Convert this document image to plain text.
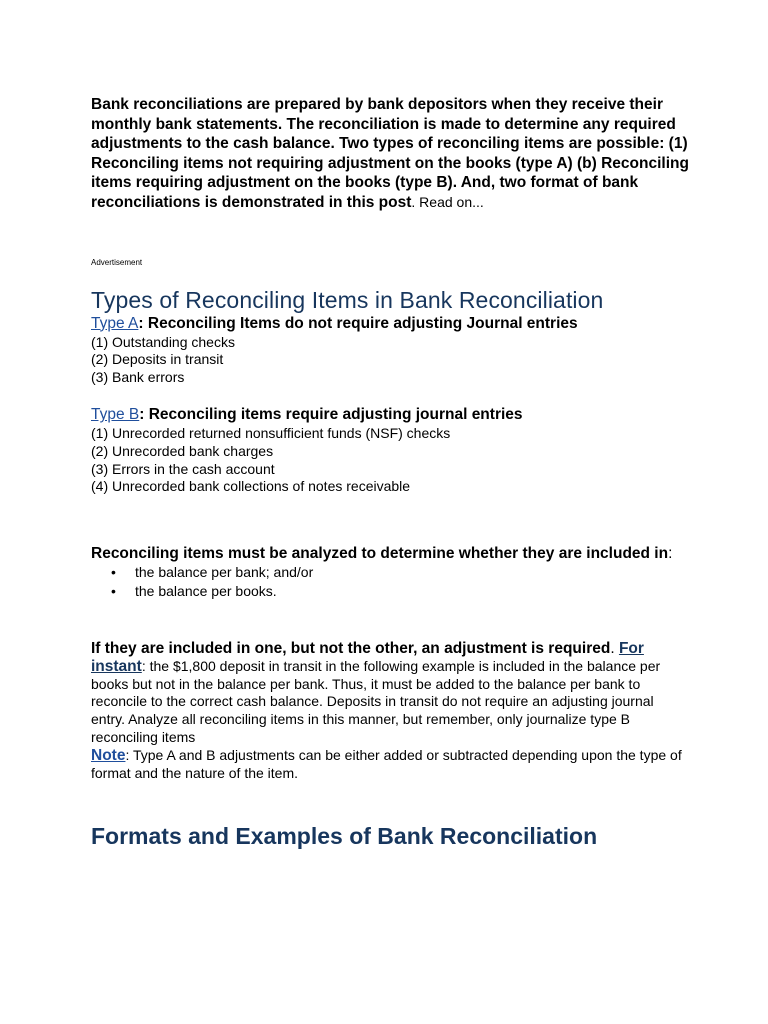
Bank reconciliations are prepared by bank depositors when they receive their monthly bank statements. The reconciliation is made to determine any required adjustments to the cash balance. Two types of reconciling items are possible: (1) Reconciling items not requiring adjustment on the books (type A) (b) Reconciling items requiring adjustment on the books (type B). And, two format of bank reconciliations is demonstrated in this post. Read on...

Advertisement

Types of Reconciling Items in Bank Reconciliation

Type A: Reconciling Items do not require adjusting Journal entries

(1) Outstanding checks
(2) Deposits in transit
(3) Bank errors

Type B: Reconciling items require adjusting journal entries

(1) Unrecorded returned nonsufficient funds (NSF) checks
(2) Unrecorded bank charges
(3) Errors in the cash account
(4) Unrecorded bank collections of notes receivable

Reconciling items must be analyzed to determine whether they are included in:

• the balance per bank; and/or
• the balance per books.

If they are included in one, but not the other, an adjustment is required. For instant: the $1,800 deposit in transit in the following example is included in the balance per books but not in the balance per bank. Thus, it must be added to the balance per bank to reconcile to the correct cash balance. Deposits in transit do not require an adjusting journal entry. Analyze all reconciling items in this manner, but remember, only journalize type B reconciling items
Note: Type A and B adjustments can be either added or subtracted depending upon the type of format and the nature of the item.

Formats and Examples of Bank Reconciliation
